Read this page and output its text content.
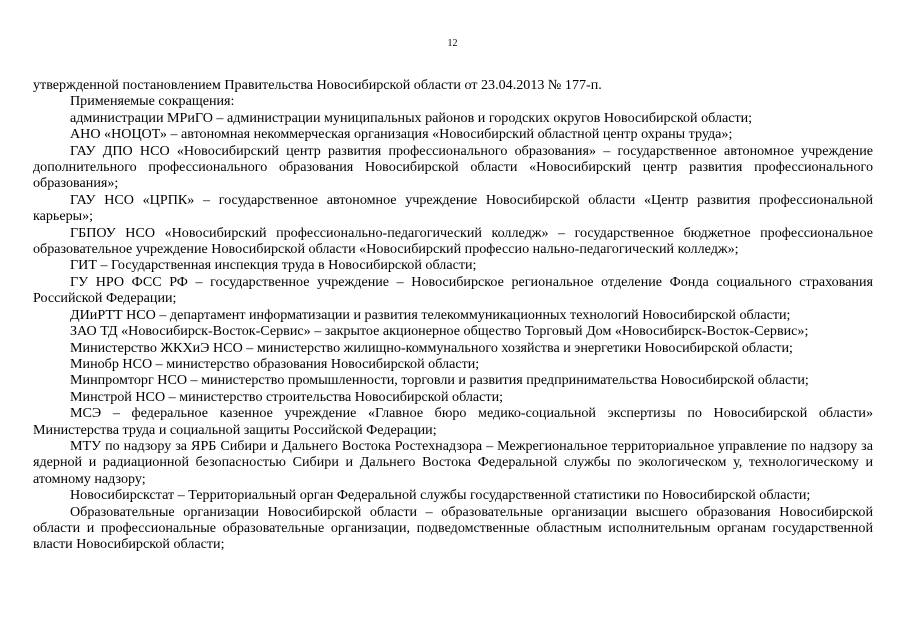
12

утвержденной постановлением Правительства Новосибирской области от 23.04.2013 № 177-п.

Применяемые сокращения:

администрации МРиГО – администрации муниципальных районов и городских округов Новосибирской области;

АНО «НОЦОТ» – автономная некоммерческая организация «Новосибирский областной центр охраны труда»;

ГАУ ДПО НСО «Новосибирский центр развития профессионального образования» – государственное автономное учреждение дополнительного профессионального образования Новосибирской области «Новосибирский центр развития профессионального образования»;

ГАУ НСО «ЦРПК» – государственное автономное учреждение Новосибирской области «Центр развития профессиональной карьеры»;

ГБПОУ НСО «Новосибирский профессионально-педагогический колледж» – государственное бюджетное профессиональное образовательное учреждение Новосибирской области «Новосибирский профессио нально-педагогический колледж»;

ГИТ – Государственная инспекция труда в Новосибирской области;

ГУ НРО ФСС РФ – государственное учреждение – Новосибирское региональное отделение Фонда социального страхования Российской Федерации;

ДИиРТТ НСО – департамент информатизации и развития телекоммуникационных технологий Новосибирской области;

ЗАО ТД «Новосибирск-Восток-Сервис» – закрытое акционерное общество Торговый Дом «Новосибирск-Восток-Сервис»;

Министерство ЖКХиЭ НСО – министерство жилищно-коммунального хозяйства и энергетики Новосибирской области;

Минобр НСО – министерство образования Новосибирской области;

Минпромторг НСО – министерство промышленности, торговли и развития предпринимательства Новосибирской области;

Минстрой НСО – министерство строительства Новосибирской области;

МСЭ – федеральное казенное учреждение «Главное бюро медико-социальной экспертизы по Новосибирской области» Министерства труда и социальной защиты Российской Федерации;

МТУ по надзору за ЯРБ Сибири и Дальнего Востока Ростехнадзора – Межрегиональное территориальное управление по надзору за ядерной и радиационной безопасностью Сибири и Дальнего Востока Федеральной службы по экологическом у, технологическому и атомному надзору;

Новосибирскстат – Территориальный орган Федеральной службы государственной статистики по Новосибирской области;

Образовательные организации Новосибирской области – образовательные организации высшего образования Новосибирской области и профессиональные образовательные организации, подведомственные областным исполнительным органам государственной власти Новосибирской области;
